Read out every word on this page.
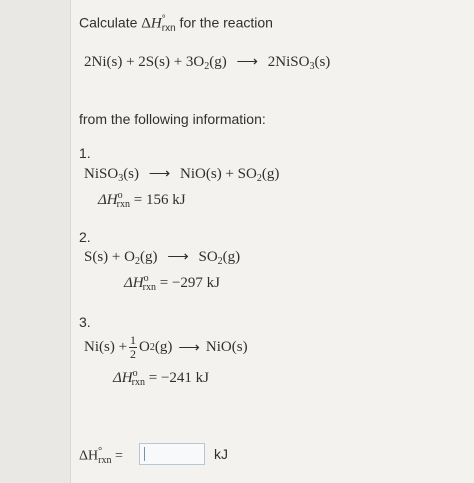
Calculate $\Delta H^\circ_{rxn}$ for the reaction
$2Ni(s) + 2S(s) + 3O_2(g)$ ⟶ 2NiSO$_3$(s)
from the following information:
1.
NiSO$_3$(s) ⟶ $NiO(s) + SO_2(g)$
$\Delta H^o_{rxn} = 156$ kJ
2.
$S(s) + O_2(g)$ ⟶ $SO_2(g)$
$\Delta H^o_{rxn} = -297$ kJ
3.
$Ni(s) + \frac{1}{2}$ O 2 (g) ⟶ NiO(s)
$\Delta H^o_{rxn} = -241$ kJ
$\Delta H^\circ_{rxn}$ =	kJ
